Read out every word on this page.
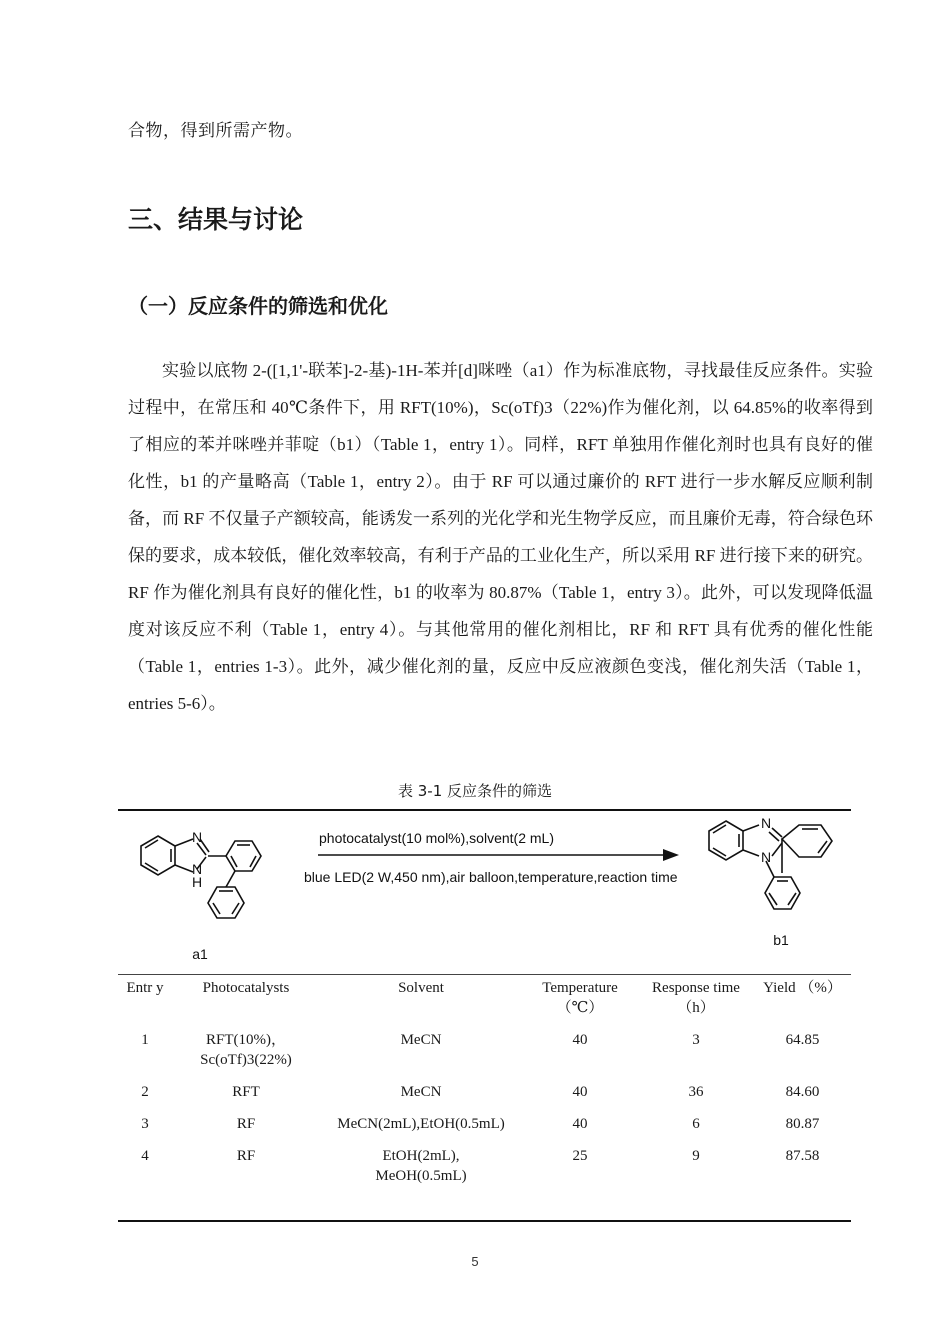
合物，得到所需产物。
三、结果与讨论
（一）反应条件的筛选和优化

实验以底物 2-([1,1'-联苯]-2-基)-1H-苯并[d]咪唑（a1）作为标准底物，寻找最佳反应条件。实验过程中，在常压和 40℃条件下，用 RFT(10%)，Sc(oTf)3（22%)作为催化剂，以 64.85%的收率得到了相应的苯并咪唑并菲啶（b1）（Table 1，entry 1）。同样，RFT 单独用作催化剂时也具有良好的催化性，b1 的产量略高（Table 1，entry 2）。由于 RF 可以通过廉价的 RFT 进行一步水解反应顺利制备，而 RF 不仅量子产额较高，能诱发一系列的光化学和光生物学反应，而且廉价无毒，符合绿色环保的要求，成本较低，催化效率较高，有利于产品的工业化生产，所以采用 RF 进行接下来的研究。RF 作为催化剂具有良好的催化性，b1 的收率为 80.87%（Table 1，entry 3）。此外，可以发现降低温度对该反应不利（Table 1，entry 4）。与其他常用的催化剂相比，RF 和 RFT 具有优秀的催化性能（Table 1，entries 1-3）。此外，减少催化剂的量，反应中反应液颜色变浅，催化剂失活（Table 1，entries 5-6）。

表 3-1 反应条件的筛选
N
N
H
a1
photocatalyst(10 mol%),solvent(2 mL)
blue LED(2 W,450 nm),air balloon,temperature,reaction time
N
N
b1
Entr y	Photocatalysts	Solvent	Temperature （℃）	Response time（h）	Yield （%）
1	RFT(10%)，Sc(oTf)3(22%)	MeCN	40	3	64.85
2	RFT	MeCN	40	36	84.60
3	RF	MeCN(2mL),EtOH(0.5mL)	40	6	80.87
4	RF	EtOH(2mL), MeOH(0.5mL)	25	9	87.58
5
